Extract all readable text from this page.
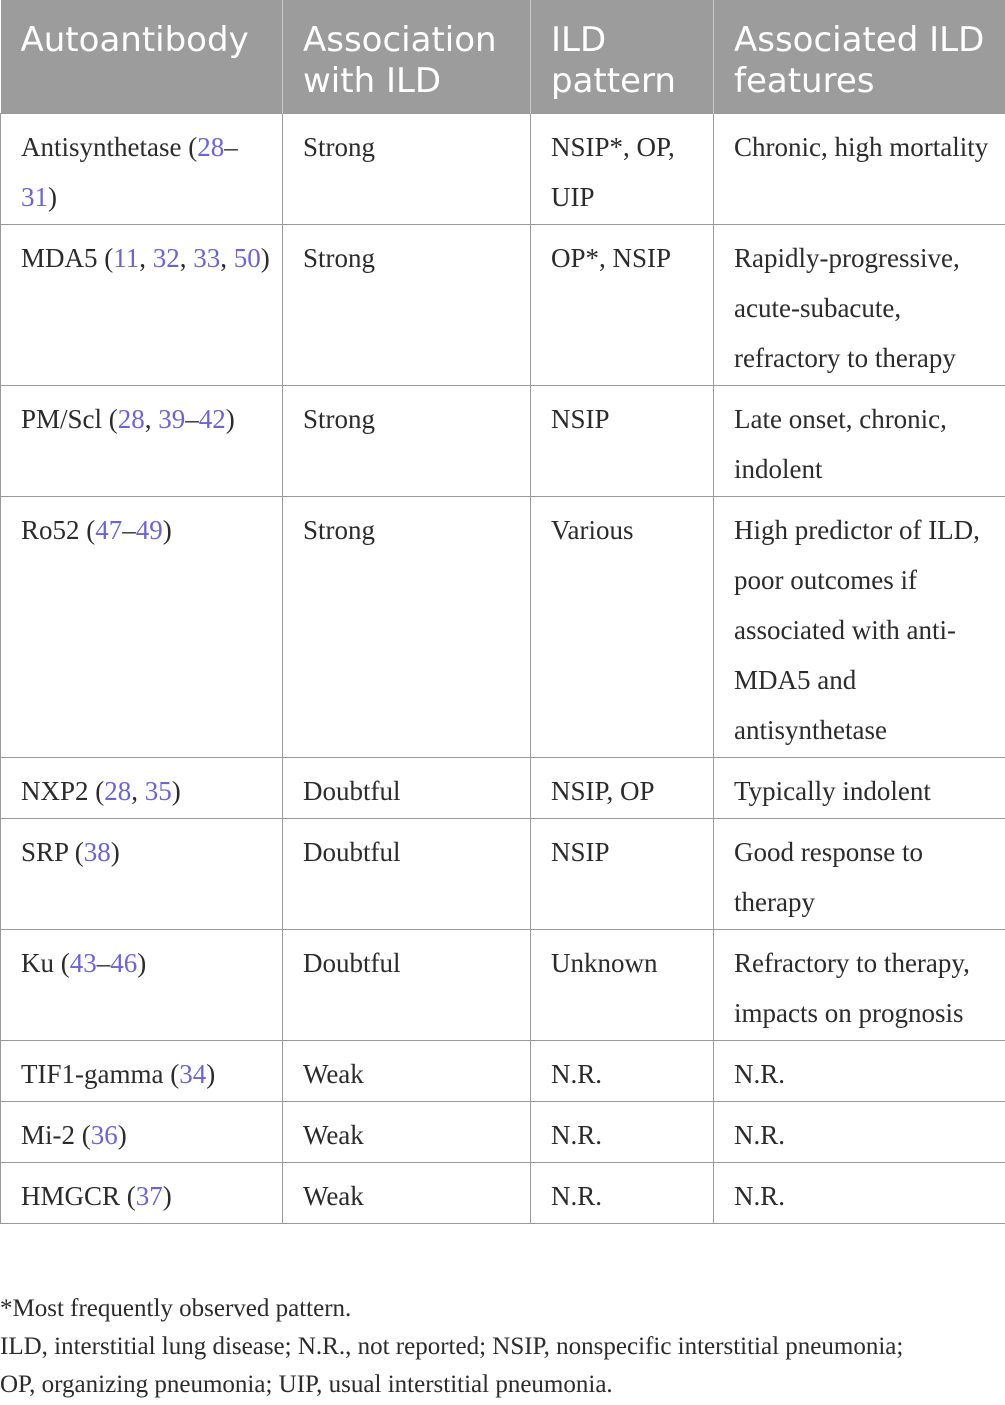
Autoantibody	Association with ILD	ILD pattern	Associated ILD features
Antisynthetase (28–31)	Strong	NSIP*, OP, UIP	Chronic, high mortality
MDA5 (11, 32, 33, 50)	Strong	OP*, NSIP	Rapidly-progressive, acute-subacute, refractory to therapy
PM/Scl (28, 39–42)	Strong	NSIP	Late onset, chronic, indolent
Ro52 (47–49)	Strong	Various	High predictor of ILD, poor outcomes if associated with anti-MDA5 and antisynthetase
NXP2 (28, 35)	Doubtful	NSIP, OP	Typically indolent
SRP (38)	Doubtful	NSIP	Good response to therapy
Ku (43–46)	Doubtful	Unknown	Refractory to therapy, impacts on prognosis
TIF1-gamma (34)	Weak	N.R.	N.R.
Mi-2 (36)	Weak	N.R.	N.R.
HMGCR (37)	Weak	N.R.	N.R.
*Most frequently observed pattern.
ILD, interstitial lung disease; N.R., not reported; NSIP, nonspecific interstitial pneumonia;
OP, organizing pneumonia; UIP, usual interstitial pneumonia.
